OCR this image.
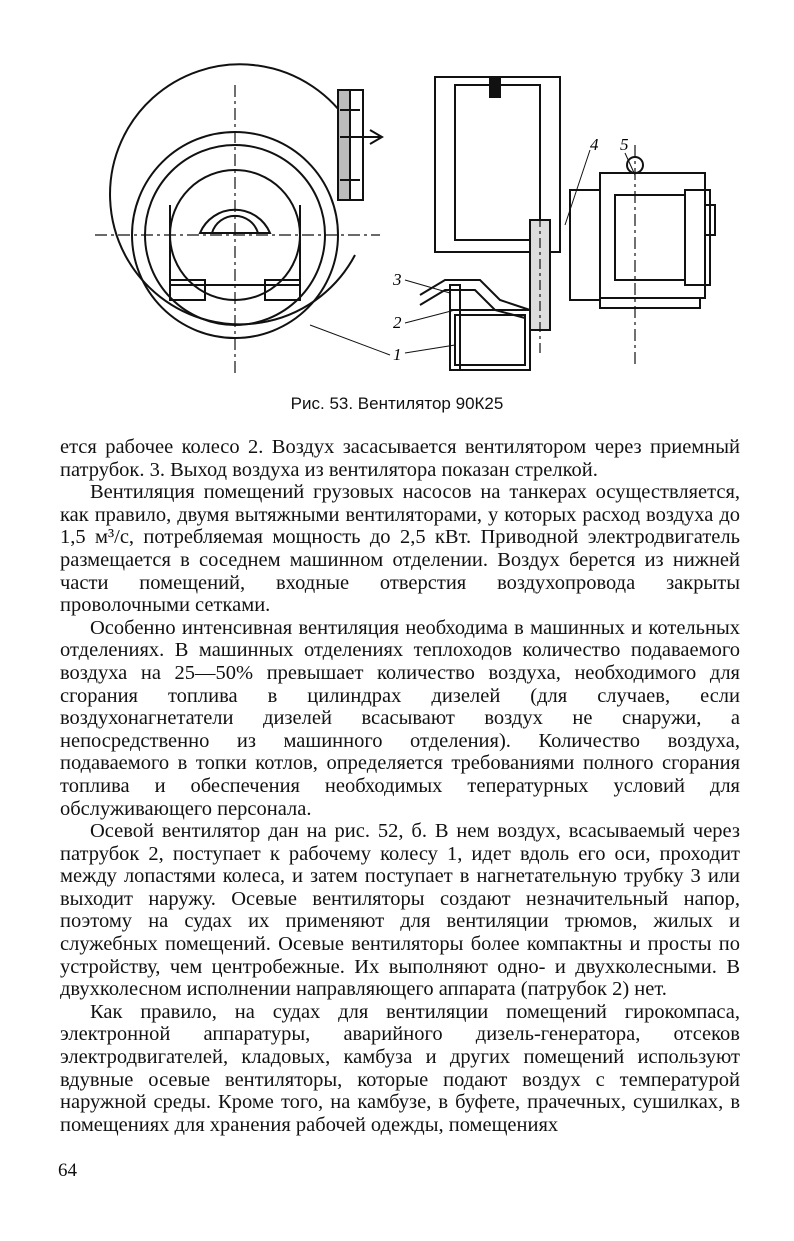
1
2
3
4 5
Рис. 53. Вентилятор 90К25

ется рабочее колесо 2. Воздух засасывается вентилятором через приемный патрубок. 3. Выход воздуха из вентилятора показан стрелкой.

Вентиляция помещений грузовых насосов на танкерах осуществляется, как правило, двумя вытяжными вентиляторами, у которых расход воздуха до 1,5 м³/с, потребляемая мощность до 2,5 кВт. Приводной электродвигатель размещается в соседнем машинном отделении. Воздух берется из нижней части помещений, входные отверстия воздухопровода закрыты проволочными сетками.

Особенно интенсивная вентиляция необходима в машинных и котельных отделениях. В машинных отделениях теплоходов количество подаваемого воздуха на 25—50% превышает количество воздуха, необходимого для сгорания топлива в цилиндрах дизелей (для случаев, если воздухонагнетатели дизелей всасывают воздух не снаружи, а непосредственно из машинного отделения). Количество воздуха, подаваемого в топки котлов, определяется требованиями полного сгорания топлива и обеспечения необходимых тепературных условий для обслуживающего персонала.

Осевой вентилятор дан на рис. 52, б. В нем воздух, всасываемый через патрубок 2, поступает к рабочему колесу 1, идет вдоль его оси, проходит между лопастями колеса, и затем поступает в нагнетательную трубку 3 или выходит наружу. Осевые вентиляторы создают незначительный напор, поэтому на судах их применяют для вентиляции трюмов, жилых и служебных помещений. Осевые вентиляторы более компактны и просты по устройству, чем центробежные. Их выполняют одно- и двухколесными. В двухколесном исполнении направляющего аппарата (патрубок 2) нет.

Как правило, на судах для вентиляции помещений гирокомпаса, электронной аппаратуры, аварийного дизель-генератора, отсеков электродвигателей, кладовых, камбуза и других помещений используют вдувные осевые вентиляторы, которые подают воздух с температурой наружной среды. Кроме того, на камбузе, в буфете, прачечных, сушилках, в помещениях для хранения рабочей одежды, помещениях

64
